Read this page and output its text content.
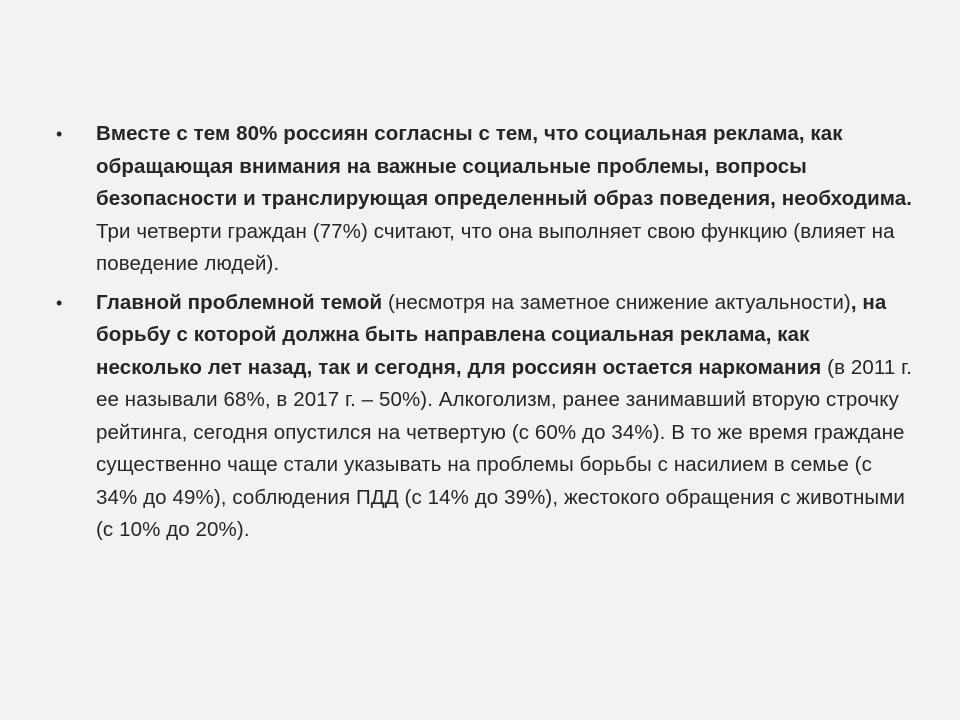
• Вместе с тем 80% россиян согласны с тем, что социальная реклама, как обращающая внимания на важные социальные проблемы, вопросы безопасности и транслирующая определенный образ поведения, необходима. Три четверти граждан (77%) считают, что она выполняет свою функцию (влияет на поведение людей).
• Главной проблемной темой (несмотря на заметное снижение актуальности), на борьбу с которой должна быть направлена социальная реклама, как несколько лет назад, так и сегодня, для россиян остается наркомания (в 2011 г. ее называли 68%, в 2017 г. – 50%). Алкоголизм, ранее занимавший вторую строчку рейтинга, сегодня опустился на четвертую (с 60% до 34%). В то же время граждане существенно чаще стали указывать на проблемы борьбы с насилием в семье (с 34% до 49%), соблюдения ПДД (с 14% до 39%), жестокого обращения с животными (с 10% до 20%).
